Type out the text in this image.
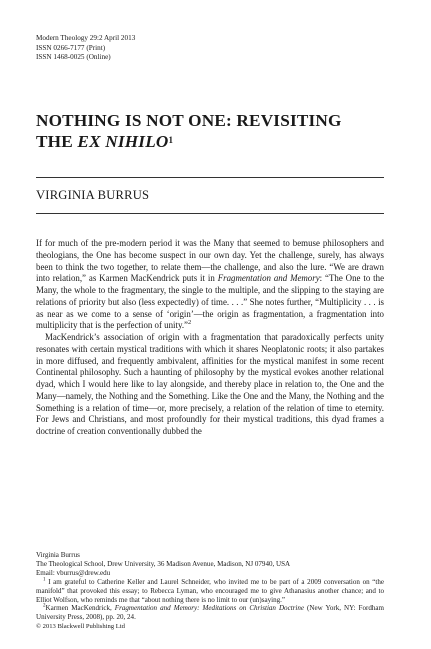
Modern Theology 29:2 April 2013
ISSN 0266-7177 (Print)
ISSN 1468-0025 (Online)
NOTHING IS NOT ONE: REVISITING
THE EX NIHILO$^1$
VIRGINIA BURRUS

If for much of the pre-modern period it was the Many that seemed to bemuse philosophers and theologians, the One has become suspect in our own day. Yet the challenge, surely, has always been to think the two together, to relate them—the challenge, and also the lure. “We are drawn into relation,” as Karmen MacKendrick puts it in Fragmentation and Memory: “The One to the Many, the whole to the fragmentary, the single to the multiple, and the slipping to the staying are relations of priority but also (less expectedly) of time. . . .” She notes further, “Multiplicity . . . is as near as we come to a sense of ‘origin’—the origin as fragmentation, a fragmentation into multiplicity that is the perfection of unity.”$^2$

MacKendrick’s association of origin with a fragmentation that paradoxically perfects unity resonates with certain mystical traditions with which it shares Neoplatonic roots; it also partakes in more diffused, and frequently ambivalent, affinities for the mystical manifest in some recent Continental philosophy. Such a haunting of philosophy by the mystical evokes another relational dyad, which I would here like to lay alongside, and thereby place in relation to, the One and the Many—namely, the Nothing and the Something. Like the One and the Many, the Nothing and the Something is a relation of time—or, more precisely, a relation of the relation of time to eternity. For Jews and Christians, and most profoundly for their mystical traditions, this dyad frames a doctrine of creation conventionally dubbed the

Virginia Burrus
The Theological School, Drew University, 36 Madison Avenue, Madison, NJ 07940, USA
Email: vburrus@drew.edu

$^1$ I am grateful to Catherine Keller and Laurel Schneider, who invited me to be part of a 2009 conversation on “the manifold” that provoked this essay; to Rebecca Lyman, who encouraged me to give Athanasius another chance; and to Elliot Wolfson, who reminds me that “about nothing there is no limit to our (un)saying.”

$^2$Karmen MacKendrick, Fragmentation and Memory: Meditations on Christian Doctrine (New York, NY: Fordham University Press, 2008), pp. 20, 24.

© 2013 Blackwell Publishing Ltd
